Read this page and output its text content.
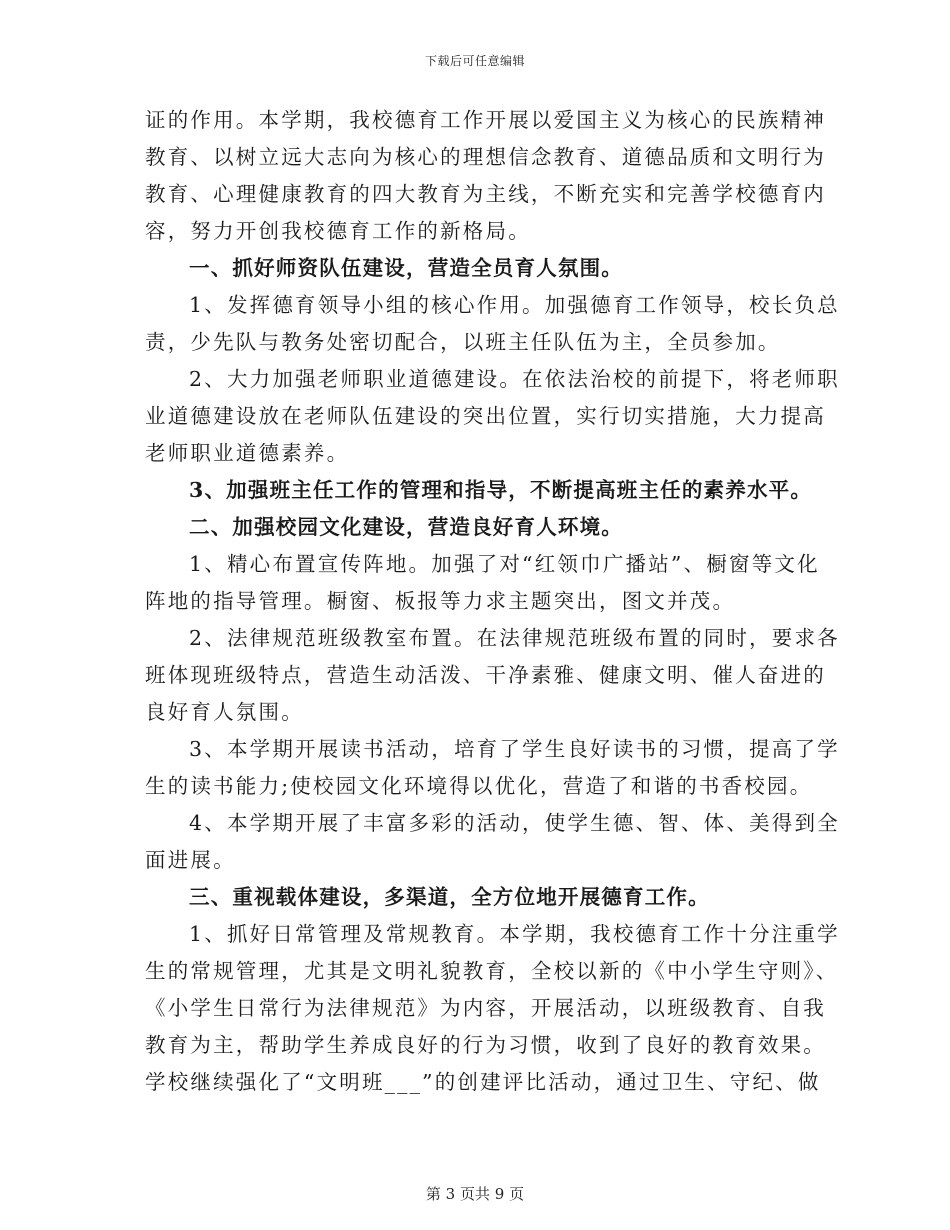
下载后可任意编辑

证的作用。本学期，我校德育工作开展以爱国主义为核心的民族精神

教育、以树立远大志向为核心的理想信念教育、道德品质和文明行为

教育、心理健康教育的四大教育为主线，不断充实和完善学校德育内

容，努力开创我校德育工作的新格局。

一、抓好师资队伍建设，营造全员育人氛围。

1、发挥德育领导小组的核心作用。加强德育工作领导，校长负总

责，少先队与教务处密切配合，以班主任队伍为主，全员参加。

2、大力加强老师职业道德建设。在依法治校的前提下，将老师职

业道德建设放在老师队伍建设的突出位置，实行切实措施，大力提高

老师职业道德素养。

3、加强班主任工作的管理和指导，不断提高班主任的素养水平。

二、加强校园文化建设，营造良好育人环境。

1、精心布置宣传阵地。加强了对“红领巾广播站”、橱窗等文化

阵地的指导管理。橱窗、板报等力求主题突出，图文并茂。

2、法律规范班级教室布置。在法律规范班级布置的同时，要求各

班体现班级特点，营造生动活泼、干净素雅、健康文明、催人奋进的

良好育人氛围。

3、本学期开展读书活动，培育了学生良好读书的习惯，提高了学

生的读书能力;使校园文化环境得以优化，营造了和谐的书香校园。

4、本学期开展了丰富多彩的活动，使学生德、智、体、美得到全

面进展。

三、重视载体建设，多渠道，全方位地开展德育工作。

1、抓好日常管理及常规教育。本学期，我校德育工作十分注重学

生的常规管理，尤其是文明礼貌教育，全校以新的《中小学生守则》、

《小学生日常行为法律规范》为内容，开展活动，以班级教育、自我

教育为主，帮助学生养成良好的行为习惯，收到了良好的教育效果。

学校继续强化了“文明班___”的创建评比活动，通过卫生、守纪、做

第 3 页共 9 页
